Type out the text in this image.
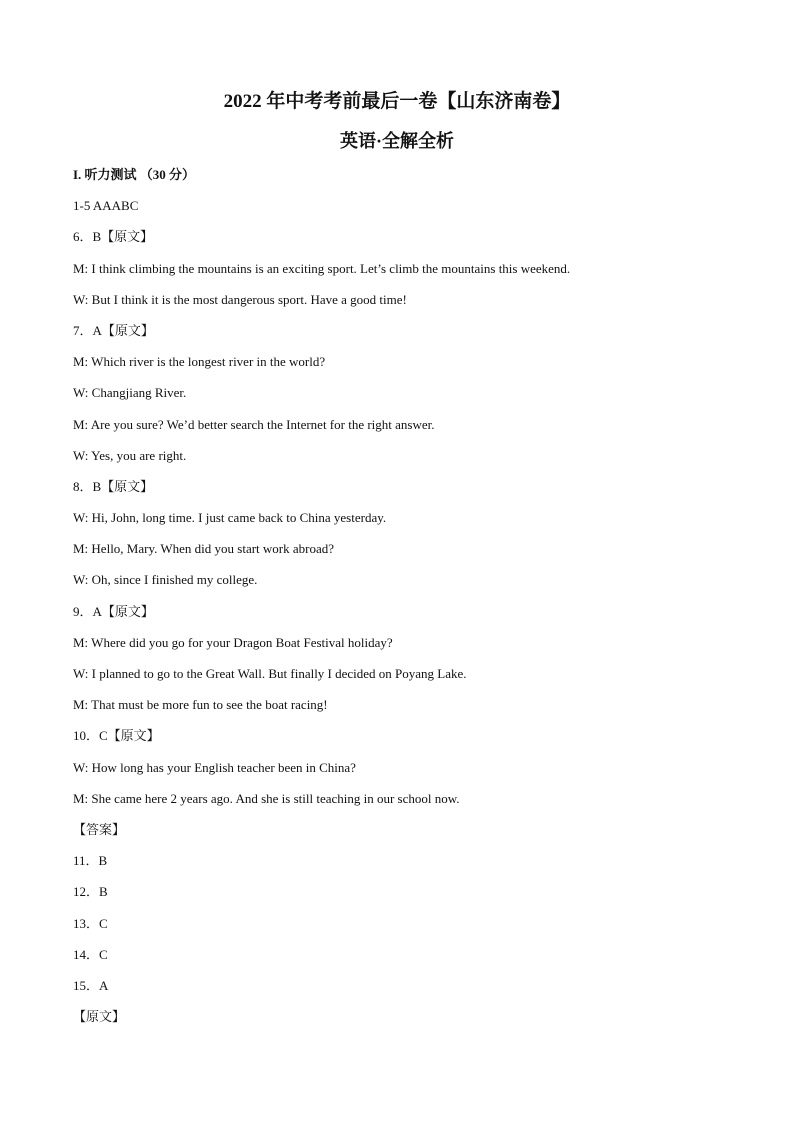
2022 年中考考前最后一卷【山东济南卷】
英语·全解全析
I. 听力测试 （30 分）
1-5 AAABC
6．B【原文】
M: I think climbing the mountains is an exciting sport. Let’s climb the mountains this weekend.
W: But I think it is the most dangerous sport. Have a good time!
7．A【原文】
M: Which river is the longest river in the world?
W: Changjiang River.
M: Are you sure? We’d better search the Internet for the right answer.
W: Yes, you are right.
8．B【原文】
W: Hi, John, long time. I just came back to China yesterday.
M: Hello, Mary. When did you start work abroad?
W: Oh, since I finished my college.
9．A【原文】
M: Where did you go for your Dragon Boat Festival holiday?
W: I planned to go to the Great Wall. But finally I decided on Poyang Lake.
M: That must be more fun to see the boat racing!
10．C【原文】
W: How long has your English teacher been in China?
M: She came here 2 years ago. And she is still teaching in our school now.
【答案】
11．B
12．B
13．C
14．C
15．A
【原文】
